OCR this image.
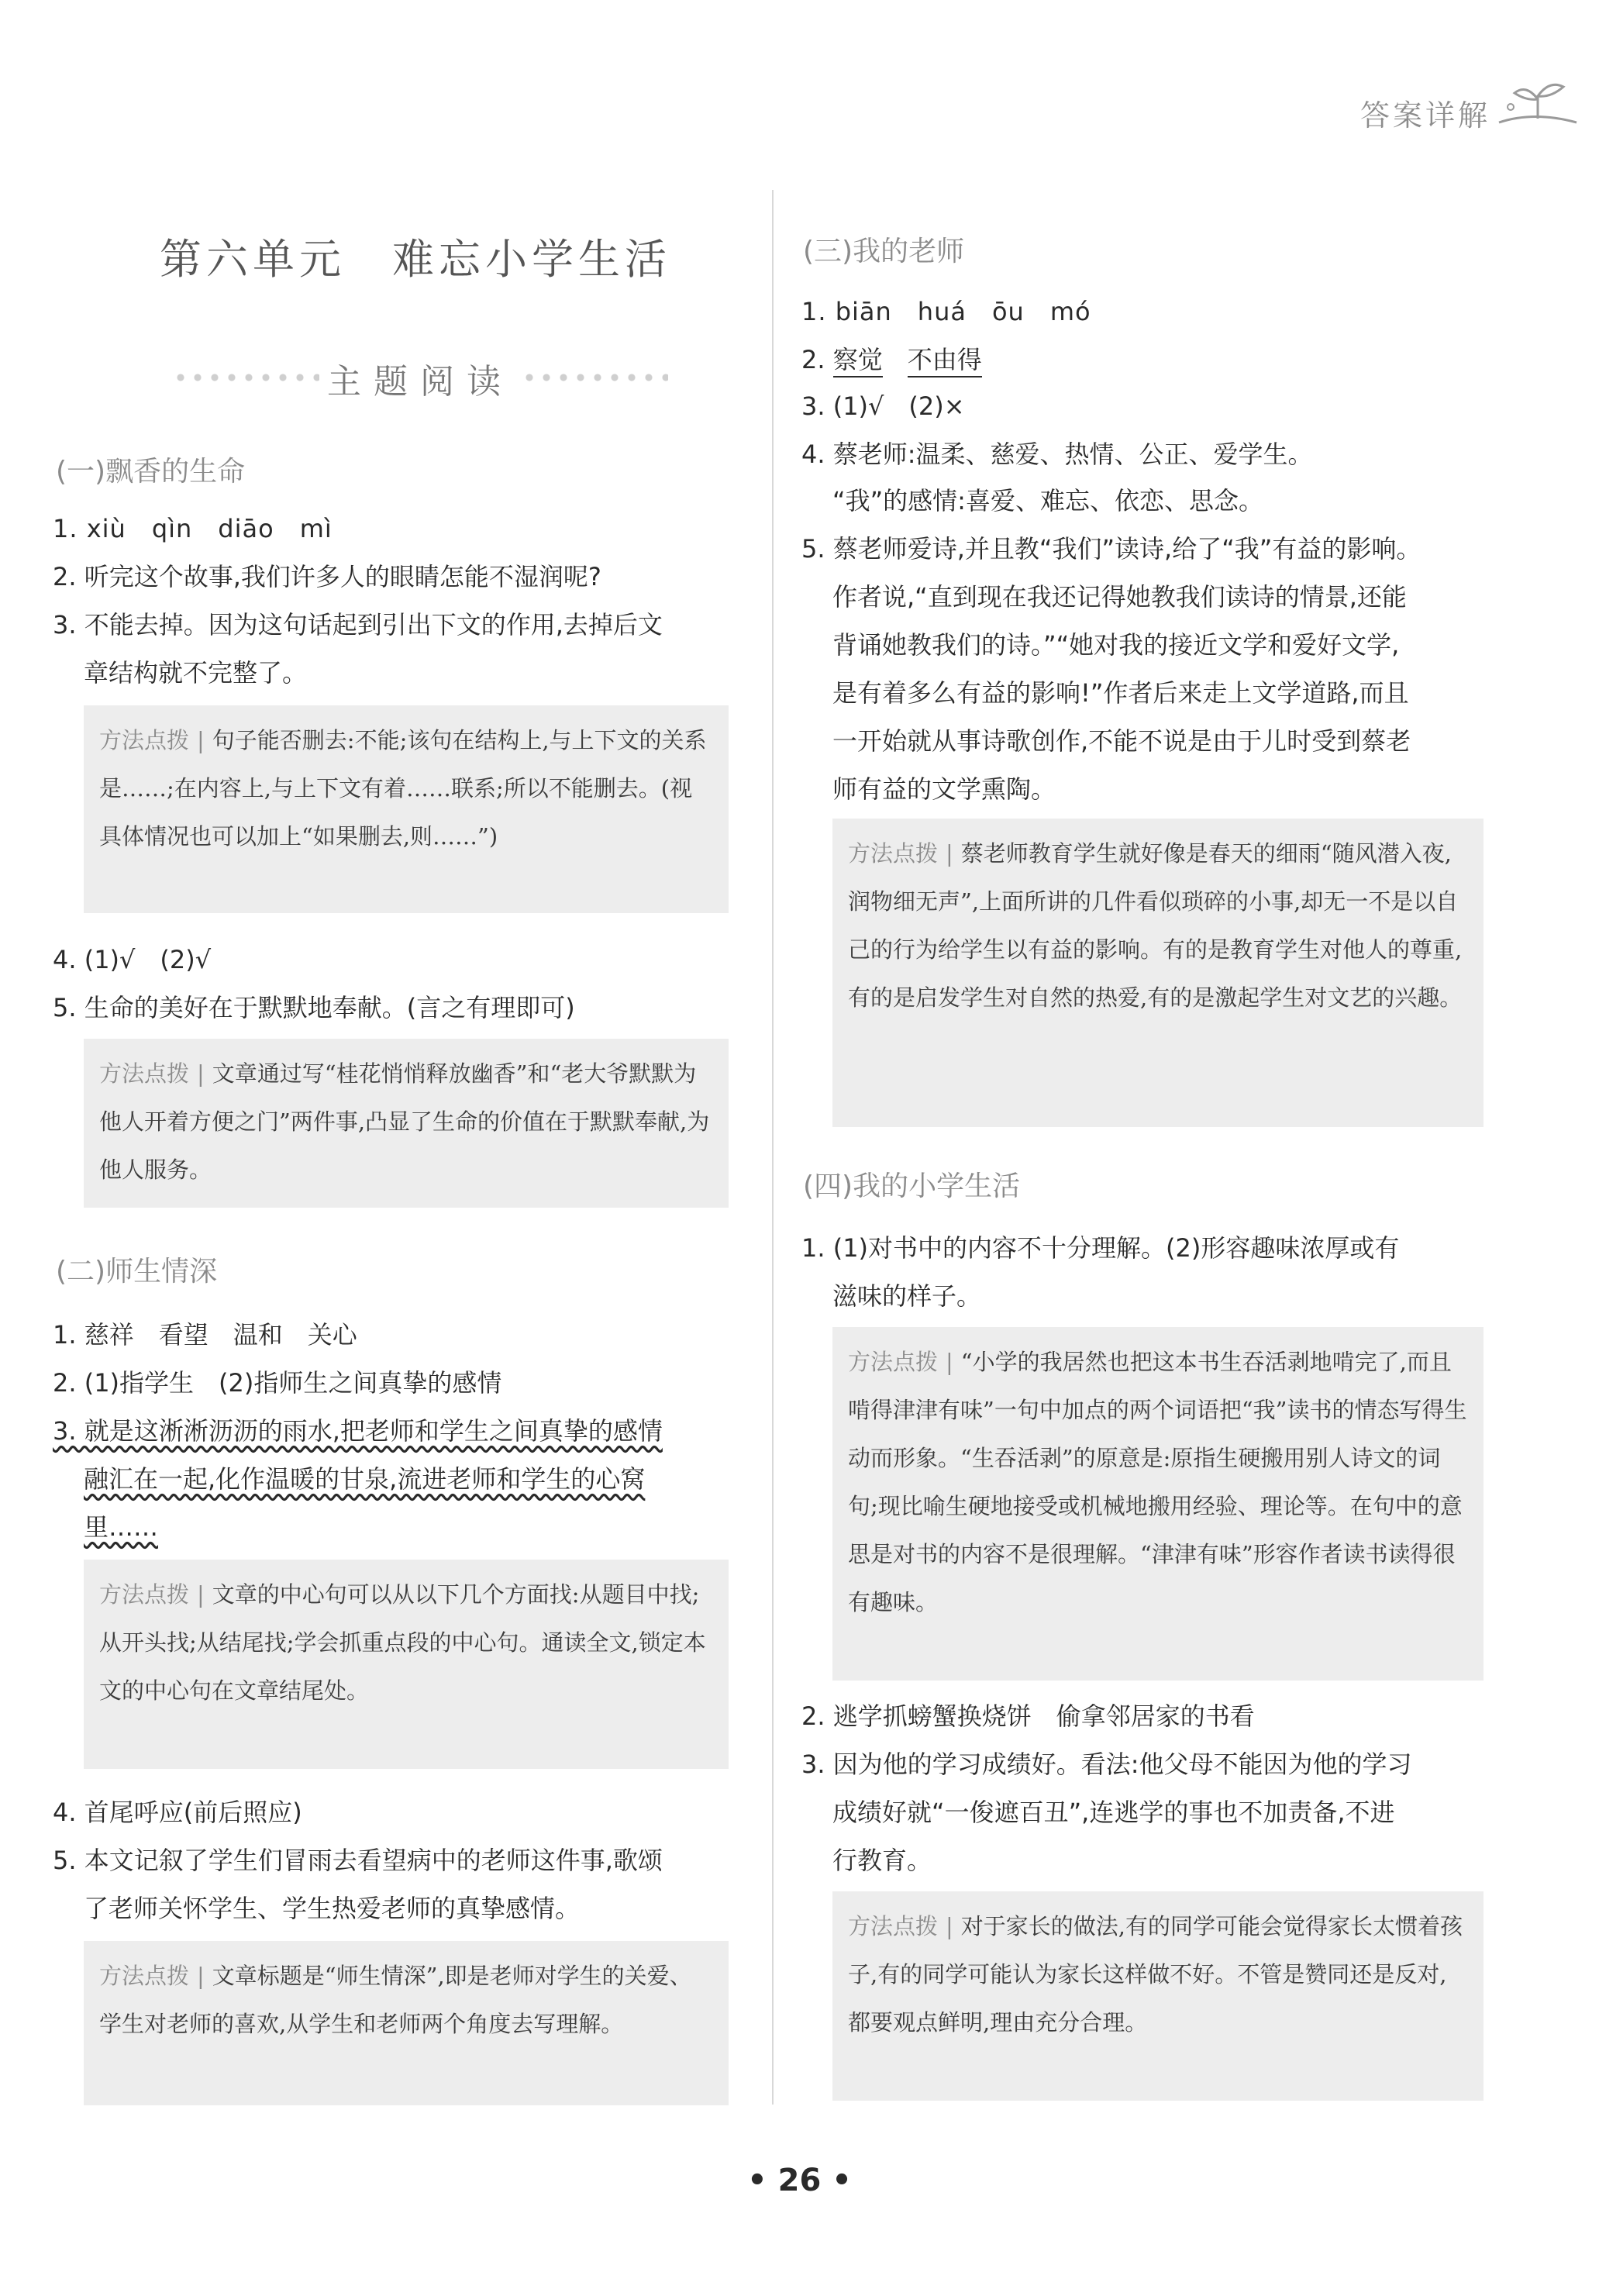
答案详解
第六单元　难忘小学生活
主题阅读
(一)飘香的生命
1. xiù　qìn　diāo　mì
2. 听完这个故事,我们许多人的眼睛怎能不湿润呢?
3. 不能去掉。因为这句话起到引出下文的作用,去掉后文
章结构就不完整了。
方法点拨 | 句子能否删去:不能;该句在结构上,与上下文的关系是……;在内容上,与上下文有着……联系;所以不能删去。(视具体情况也可以加上“如果删去,则……”)
4. (1)√　(2)√
5. 生命的美好在于默默地奉献。(言之有理即可)
方法点拨 | 文章通过写“桂花悄悄释放幽香”和“老大爷默默为他人开着方便之门”两件事,凸显了生命的价值在于默默奉献,为他人服务。
(二)师生情深
1. 慈祥　看望　温和　关心
2. (1)指学生　(2)指师生之间真挚的感情
3. 就是这淅淅沥沥的雨水,把老师和学生之间真挚的感情
融汇在一起,化作温暖的甘泉,流进老师和学生的心窝
里……
方法点拨 | 文章的中心句可以从以下几个方面找:从题目中找;从开头找;从结尾找;学会抓重点段的中心句。通读全文,锁定本文的中心句在文章结尾处。
4. 首尾呼应(前后照应)
5. 本文记叙了学生们冒雨去看望病中的老师这件事,歌颂
了老师关怀学生、学生热爱老师的真挚感情。
方法点拨 | 文章标题是“师生情深”,即是老师对学生的关爱、学生对老师的喜欢,从学生和老师两个角度去写理解。
(三)我的老师
1. biān　huá　ōu　mó
2. 察觉　 不由得
3. (1)√　(2)×
4. 蔡老师:温柔、慈爱、热情、公正、爱学生。
“我”的感情:喜爱、难忘、依恋、思念。
5. 蔡老师爱诗,并且教“我们”读诗,给了“我”有益的影响。
作者说,“直到现在我还记得她教我们读诗的情景,还能
背诵她教我们的诗。”“她对我的接近文学和爱好文学,
是有着多么有益的影响!”作者后来走上文学道路,而且
一开始就从事诗歌创作,不能不说是由于儿时受到蔡老
师有益的文学熏陶。
方法点拨 | 蔡老师教育学生就好像是春天的细雨“随风潜入夜,润物细无声”,上面所讲的几件看似琐碎的小事,却无一不是以自己的行为给学生以有益的影响。有的是教育学生对他人的尊重,有的是启发学生对自然的热爱,有的是激起学生对文艺的兴趣。
(四)我的小学生活
1. (1)对书中的内容不十分理解。(2)形容趣味浓厚或有
滋味的样子。
方法点拨 | “小学的我居然也把这本书生吞活剥地啃完了,而且啃得津津有味”一句中加点的两个词语把“我”读书的情态写得生动而形象。“生吞活剥”的原意是:原指生硬搬用别人诗文的词句;现比喻生硬地接受或机械地搬用经验、理论等。在句中的意思是对书的内容不是很理解。“津津有味”形容作者读书读得很有趣味。
2. 逃学抓螃蟹换烧饼　偷拿邻居家的书看
3. 因为他的学习成绩好。看法:他父母不能因为他的学习
成绩好就“一俊遮百丑”,连逃学的事也不加责备,不进
行教育。
方法点拨 | 对于家长的做法,有的同学可能会觉得家长太惯着孩子,有的同学可能认为家长这样做不好。不管是赞同还是反对,都要观点鲜明,理由充分合理。
• 26 •
